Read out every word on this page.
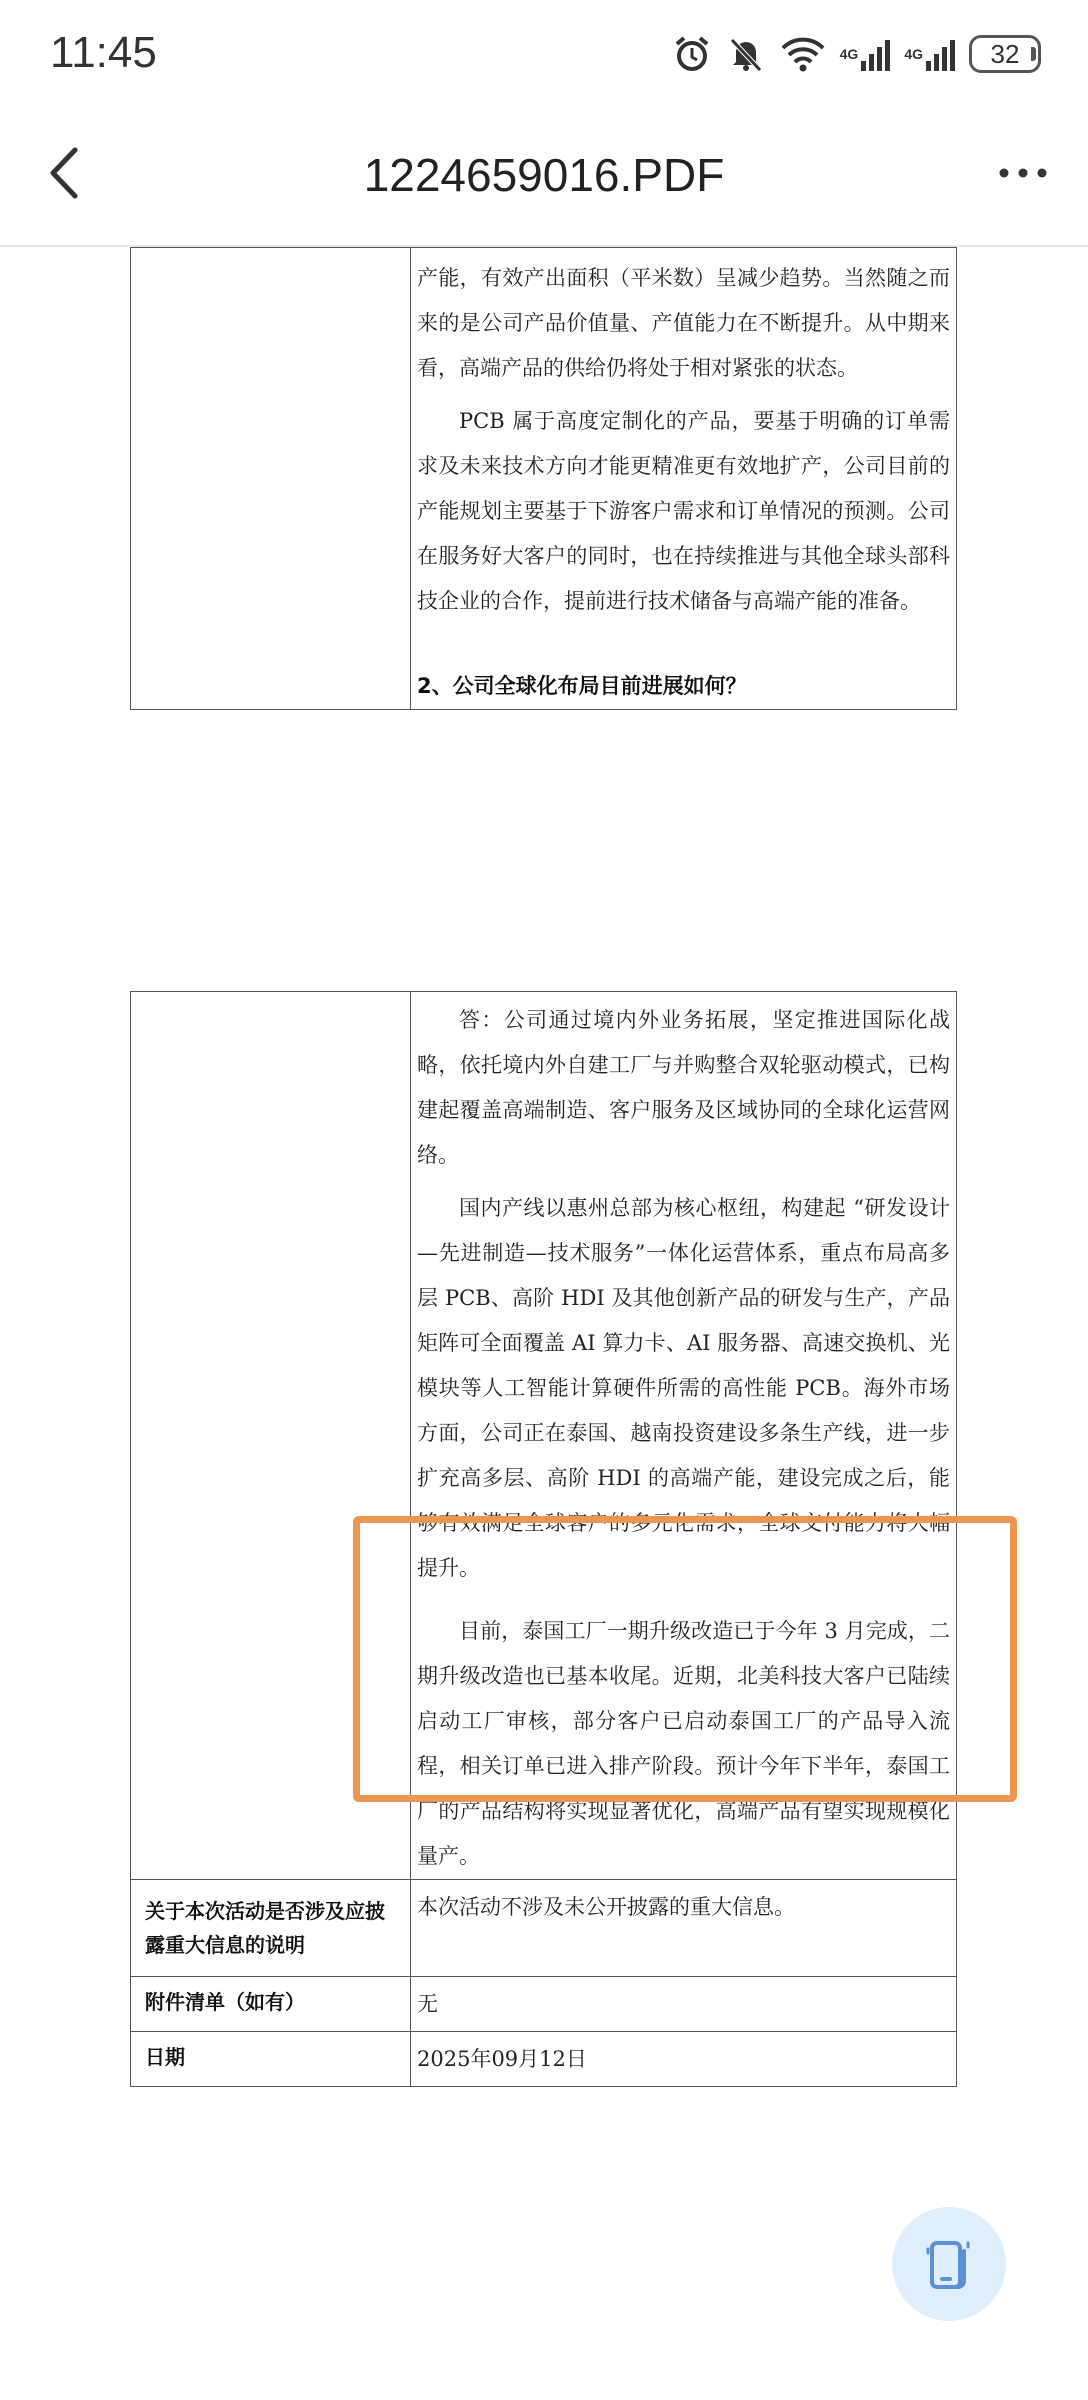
11:45	4G	4G	32
1224659016.PDF

产能，有效产出面积（平米数）呈减少趋势。当然随之而来的是公司产品价值量、产值能力在不断提升。从中期来看，高端产品的供给仍将处于相对紧张的状态。

PCB 属于高度定制化的产品，要基于明确的订单需求及未来技术方向才能更精准更有效地扩产，公司目前的产能规划主要基于下游客户需求和订单情况的预测。公司在服务好大客户的同时，也在持续推进与其他全球头部科技企业的合作，提前进行技术储备与高端产能的准备。

2、公司全球化布局目前进展如何？

	答：公司通过境内外业务拓展，坚定推进国际化战略，依托境内外自建工厂与并购整合双轮驱动模式，已构建起覆盖高端制造、客户服务及区域协同的全球化运营网络。

国内产线以惠州总部为核心枢纽，构建起 “研发设计—先进制造—技术服务”一体化运营体系，重点布局高多层 PCB、高阶 HDI 及其他创新产品的研发与生产，产品矩阵可全面覆盖 AI 算力卡、AI 服务器、高速交换机、光模块等人工智能计算硬件所需的高性能 PCB。海外市场方面，公司正在泰国、越南投资建设多条生产线，进一步扩充高多层、高阶 HDI 的高端产能，建设完成之后，能够有效满足全球客户的多元化需求，全球交付能力将大幅提升。

目前，泰国工厂一期升级改造已于今年 3 月完成，二期升级改造也已基本收尾。近期，北美科技大客户已陆续启动工厂审核，部分客户已启动泰国工厂的产品导入流程，相关订单已进入排产阶段。预计今年下半年，泰国工厂的产品结构将实现显著优化，高端产品有望实现规模化量产。

关于本次活动是否涉及应披露重大信息的说明	本次活动不涉及未公开披露的重大信息。
附件清单（如有）	无
日期	2025年09月12日
